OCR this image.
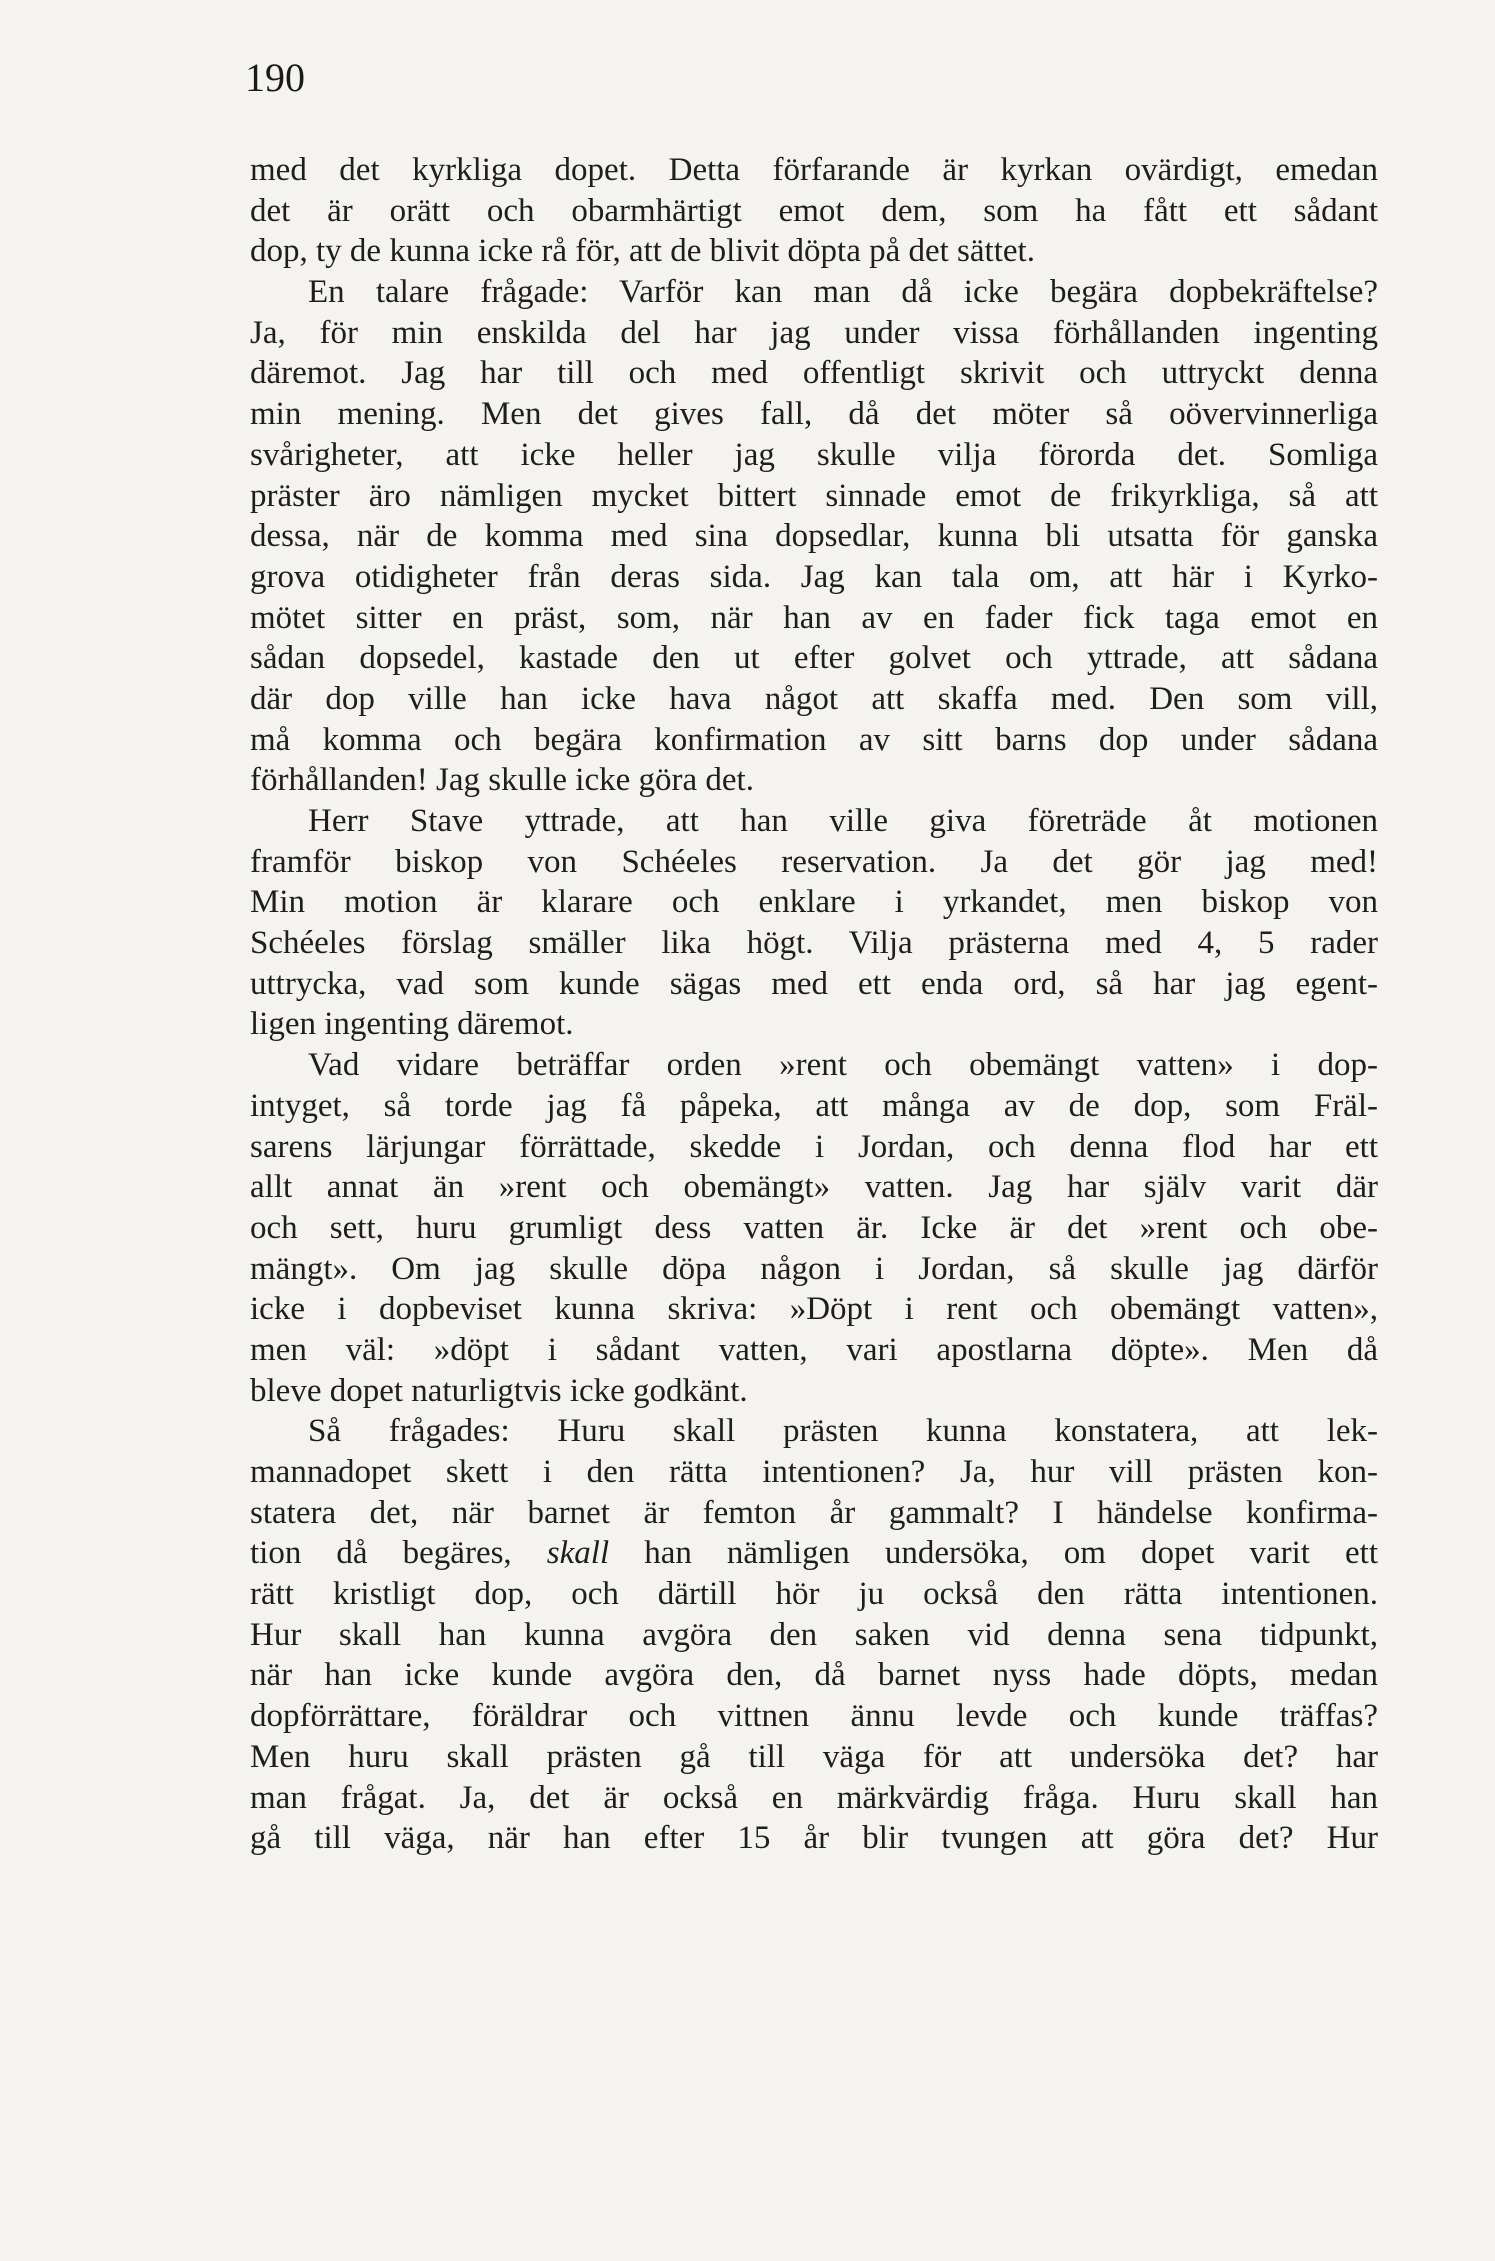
190
med det kyrkliga dopet. Detta förfarande är kyrkan ovärdigt, emedan
det är orätt och obarmhärtigt emot dem, som ha fått ett sådant
dop, ty de kunna icke rå för, att de blivit döpta på det sättet.
En talare frågade: Varför kan man då icke begära dopbekräftelse?
Ja, för min enskilda del har jag under vissa förhållanden ingenting
däremot. Jag har till och med offentligt skrivit och uttryckt denna
min mening. Men det gives fall, då det möter så oövervinnerliga
svårigheter, att icke heller jag skulle vilja förorda det. Somliga
präster äro nämligen mycket bittert sinnade emot de frikyrkliga, så att
dessa, när de komma med sina dopsedlar, kunna bli utsatta för ganska
grova otidigheter från deras sida. Jag kan tala om, att här i Kyrko-
mötet sitter en präst, som, när han av en fader fick taga emot en
sådan dopsedel, kastade den ut efter golvet och yttrade, att sådana
där dop ville han icke hava något att skaffa med. Den som vill,
må komma och begära konfirmation av sitt barns dop under sådana
förhållanden! Jag skulle icke göra det.
Herr Stave yttrade, att han ville giva företräde åt motionen
framför biskop von Schéeles reservation. Ja det gör jag med!
Min motion är klarare och enklare i yrkandet, men biskop von
Schéeles förslag smäller lika högt. Vilja prästerna med 4, 5 rader
uttrycka, vad som kunde sägas med ett enda ord, så har jag egent-
ligen ingenting däremot.
Vad vidare beträffar orden »rent och obemängt vatten» i dop-
intyget, så torde jag få påpeka, att många av de dop, som Fräl-
sarens lärjungar förrättade, skedde i Jordan, och denna flod har ett
allt annat än »rent och obemängt» vatten. Jag har själv varit där
och sett, huru grumligt dess vatten är. Icke är det »rent och obe-
mängt». Om jag skulle döpa någon i Jordan, så skulle jag därför
icke i dopbeviset kunna skriva: »Döpt i rent och obemängt vatten»,
men väl: »döpt i sådant vatten, vari apostlarna döpte». Men då
bleve dopet naturligtvis icke godkänt.
Så frågades: Huru skall prästen kunna konstatera, att lek-
mannadopet skett i den rätta intentionen? Ja, hur vill prästen kon-
statera det, när barnet är femton år gammalt? I händelse konfirma-
tion då begäres, skall han nämligen undersöka, om dopet varit ett
rätt kristligt dop, och därtill hör ju också den rätta intentionen.
Hur skall han kunna avgöra den saken vid denna sena tidpunkt,
när han icke kunde avgöra den, då barnet nyss hade döpts, medan
dopförrättare, föräldrar och vittnen ännu levde och kunde träffas?
Men huru skall prästen gå till väga för att undersöka det? har
man frågat. Ja, det är också en märkvärdig fråga. Huru skall han
gå till väga, när han efter 15 år blir tvungen att göra det? Hur
